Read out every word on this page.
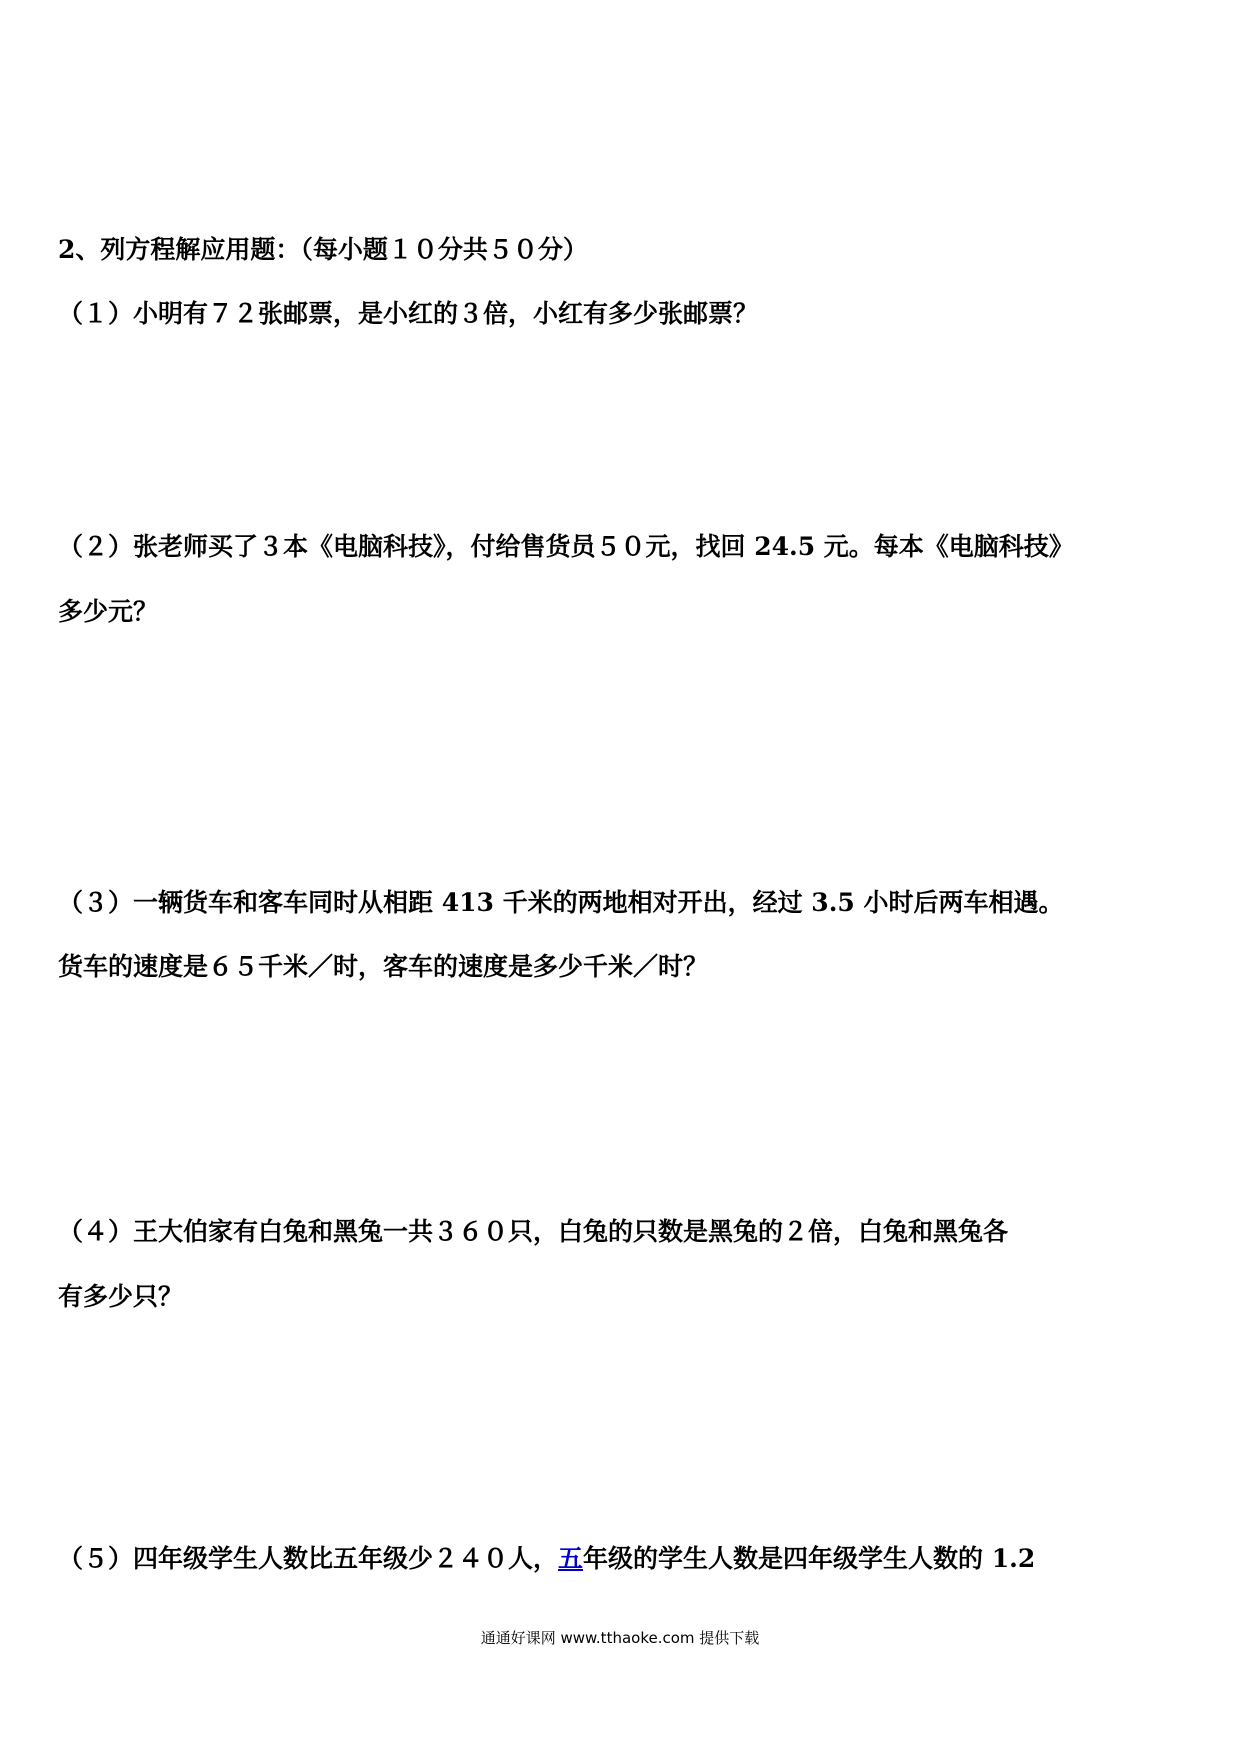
2、列方程解应用题：（每小题１０分共５０分）
（１）小明有７２张邮票，是小红的３倍，小红有多少张邮票？
（２）张老师买了３本《电脑科技》，付给售货员５０元，找回 24.5 元。每本《电脑科技》
多少元？
（３）一辆货车和客车同时从相距 413 千米的两地相对开出，经过 3.5 小时后两车相遇。
货车的速度是６５千米／时，客车的速度是多少千米／时？
（４）王大伯家有白兔和黑兔一共３６０只，白兔的只数是黑兔的２倍，白兔和黑兔各
有多少只？
（５）四年级学生人数比五年级少２４０人，五年级的学生人数是四年级学生人数的 1.2
通通好课网 www.tthaoke.com 提供下载
